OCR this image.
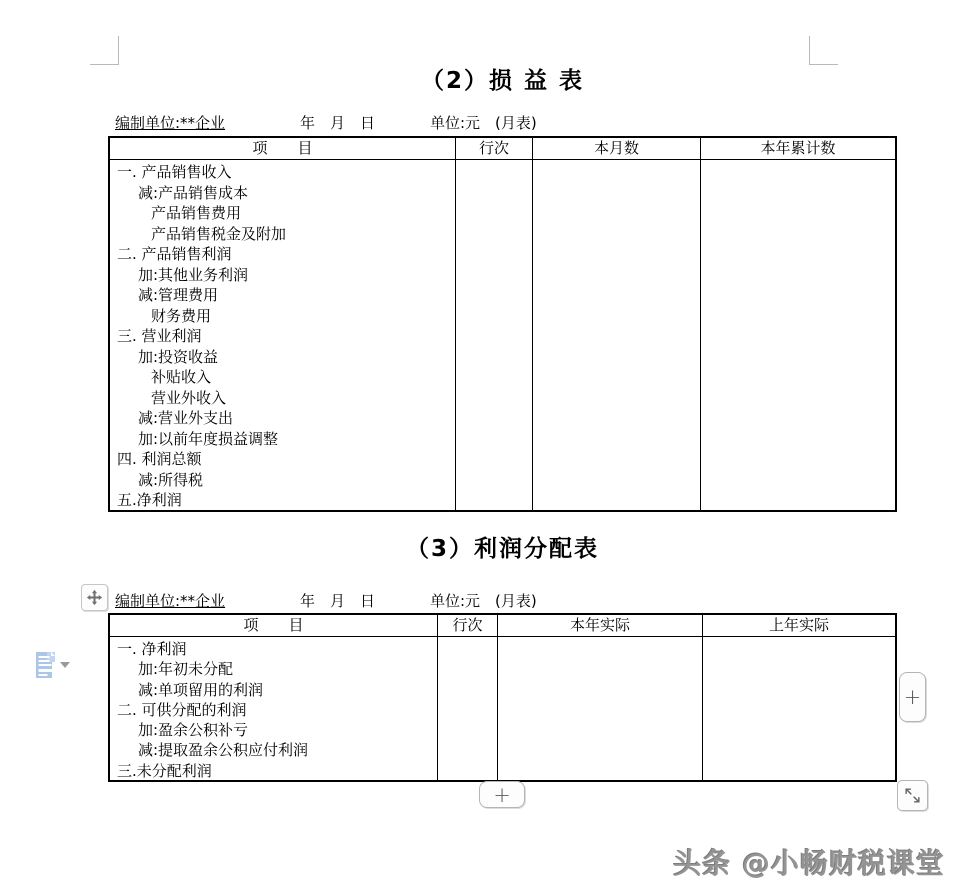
（2）损 益 表
编制单位:**企业	年　月　日	单位:元　(月表)
项　　目	行次	本月数	本年累计数
一. 产品销售收入
减:产品销售成本
产品销售费用
产品销售税金及附加
二. 产品销售利润
加:其他业务利润
减:管理费用
财务费用
三. 营业利润
加:投资收益
补贴收入
营业外收入
减:营业外支出
加:以前年度损益调整
四. 利润总额
减:所得税
五.净利润
（3）利润分配表
编制单位:**企业	年　月　日	单位:元　(月表)
项　　目	行次	本年实际	上年实际
一. 净利润
加:年初未分配
减:单项留用的利润
二. 可供分配的利润
加:盈余公积补亏
减:提取盈余公积应付利润
三.未分配利润
+
+
头条 @小畅财税课堂
